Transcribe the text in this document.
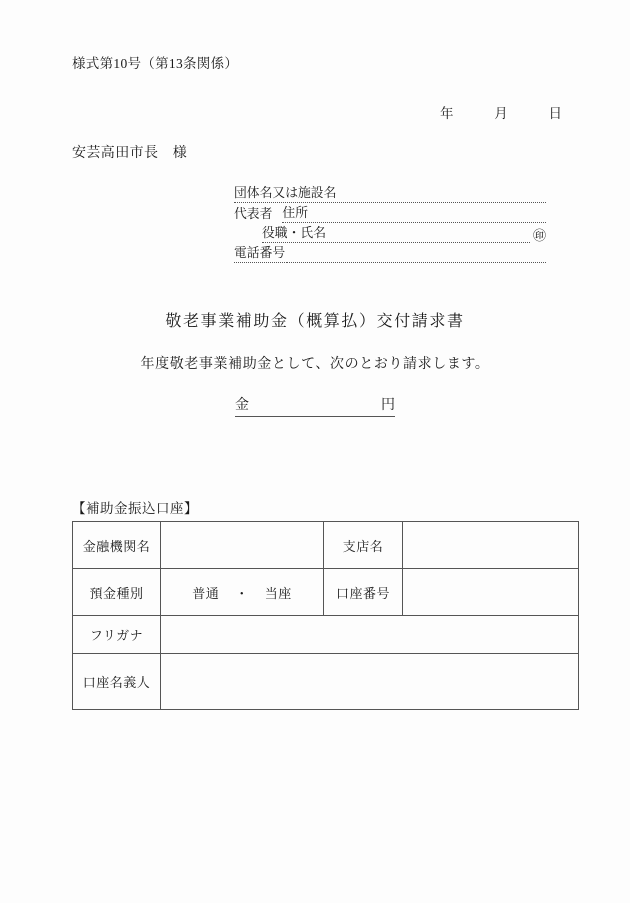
様式第10号（第13条関係）
年	月	日
安芸高田市長　様
団体名又は施設名
代表者 住所
役職・氏名	㊞
電話番号
敬老事業補助金（概算払）交付請求書
年度敬老事業補助金として、次のとおり請求します。
金	円
【補助金振込口座】
金融機関名		支店名	
預金種別	普通 ・ 当座	口座番号	
フリガナ			
口座名義人			
